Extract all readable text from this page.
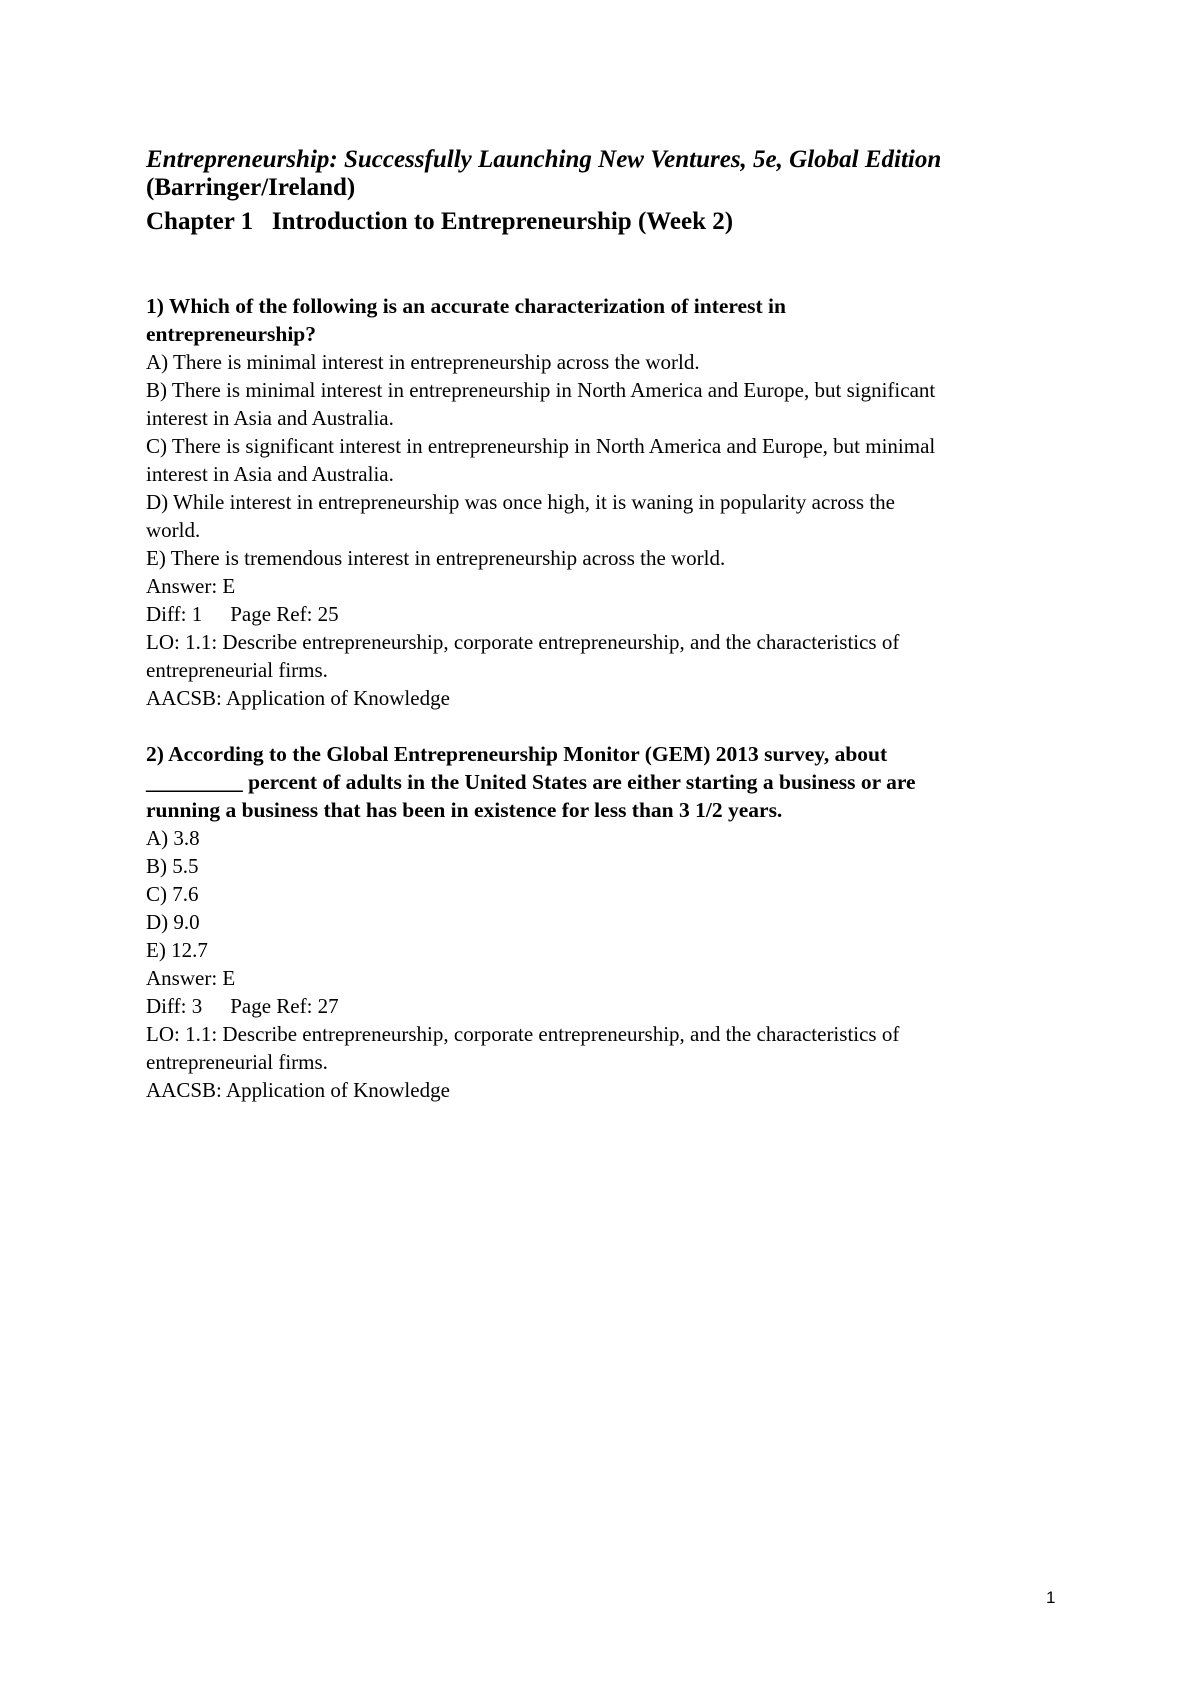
Entrepreneurship: Successfully Launching New Ventures, 5e, Global Edition
(Barringer/Ireland)
Chapter 1   Introduction to Entrepreneurship (Week 2)
1) Which of the following is an accurate characterization of interest in
entrepreneurship?
A) There is minimal interest in entrepreneurship across the world.
B) There is minimal interest in entrepreneurship in North America and Europe, but significant
interest in Asia and Australia.
C) There is significant interest in entrepreneurship in North America and Europe, but minimal
interest in Asia and Australia.
D) While interest in entrepreneurship was once high, it is waning in popularity across the
world.
E) There is tremendous interest in entrepreneurship across the world.
Answer: E
Diff: 1 Page Ref: 25
LO: 1.1: Describe entrepreneurship, corporate entrepreneurship, and the characteristics of
entrepreneurial firms.
AACSB: Application of Knowledge
2) According to the Global Entrepreneurship Monitor (GEM) 2013 survey, about
_________ percent of adults in the United States are either starting a business or are
running a business that has been in existence for less than 3 1/2 years.
A) 3.8
B) 5.5
C) 7.6
D) 9.0
E) 12.7
Answer: E
Diff: 3 Page Ref: 27
LO: 1.1: Describe entrepreneurship, corporate entrepreneurship, and the characteristics of
entrepreneurial firms.
AACSB: Application of Knowledge
1
